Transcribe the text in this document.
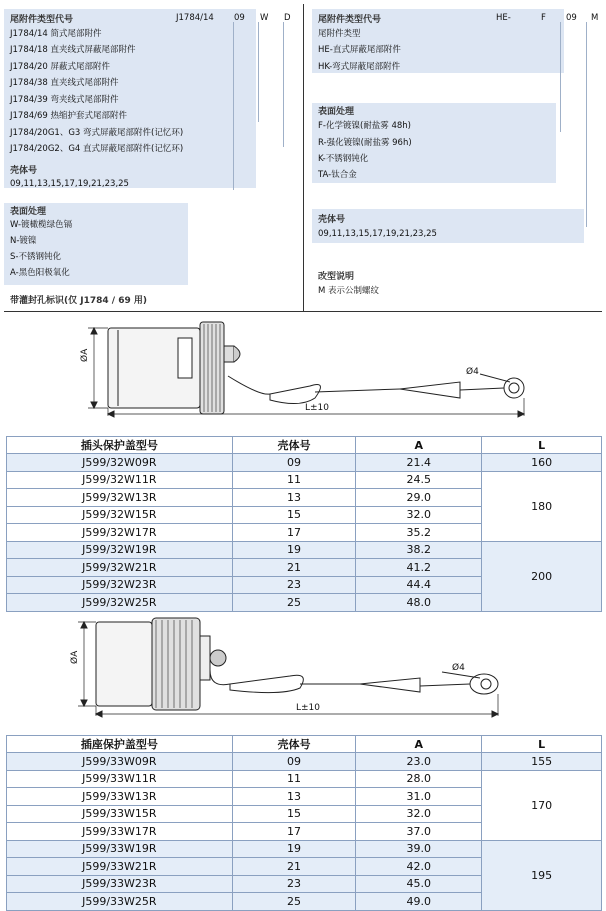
尾附件类型代号	J1784/14 09 W D
J1784/14 简式尾部附件
J1784/18 直夹线式屏蔽尾部附件
J1784/20 屏蔽式尾部附件
J1784/38 直夹线式尾部附件
J1784/39 弯夹线式尾部附件
J1784/69 热缩护套式尾部附件
J1784/20G1、G3 弯式屏蔽尾部附件(记忆环)
J1784/20G2、G4 直式屏蔽尾部附件(记忆环)
壳体号
09,11,13,15,17,19,21,23,25
表面处理
W-镀橄榄绿色镉
N-镀镍
S-不锈钢钝化
A-黑色阳极氧化
带灌封孔标识(仅 J1784 / 69 用)
尾附件类型代号	HE-	F 09 M
尾附件类型
HE-直式屏蔽尾部附件
HK-弯式屏蔽尾部附件
表面处理
F-化学镀镍(耐盐雾 48h)
R-强化镀镍(耐盐雾 96h)
K-不锈钢钝化
TA-钛合金
壳体号
09,11,13,15,17,19,21,23,25
改型说明
M 表示公制螺纹
ØA
Ø4
L±10
插头保护盖型号	壳体号	A	L
J599/32W09R	09	21.4	160
J599/32W11R	11	24.5	180
J599/32W13R	13	29.0	
J599/32W15R	15	32.0	
J599/32W17R	17	35.2	
J599/32W19R	19	38.2	200
J599/32W21R	21	41.2	
J599/32W23R	23	44.4	
J599/32W25R	25	48.0	
ØA
Ø4
L±10
插座保护盖型号	壳体号	A	L
J599/33W09R	09	23.0	155
J599/33W11R	11	28.0	170
J599/33W13R	13	31.0	
J599/33W15R	15	32.0	
J599/33W17R	17	37.0	
J599/33W19R	19	39.0	195
J599/33W21R	21	42.0	
J599/33W23R	23	45.0	
J599/33W25R	25	49.0	
